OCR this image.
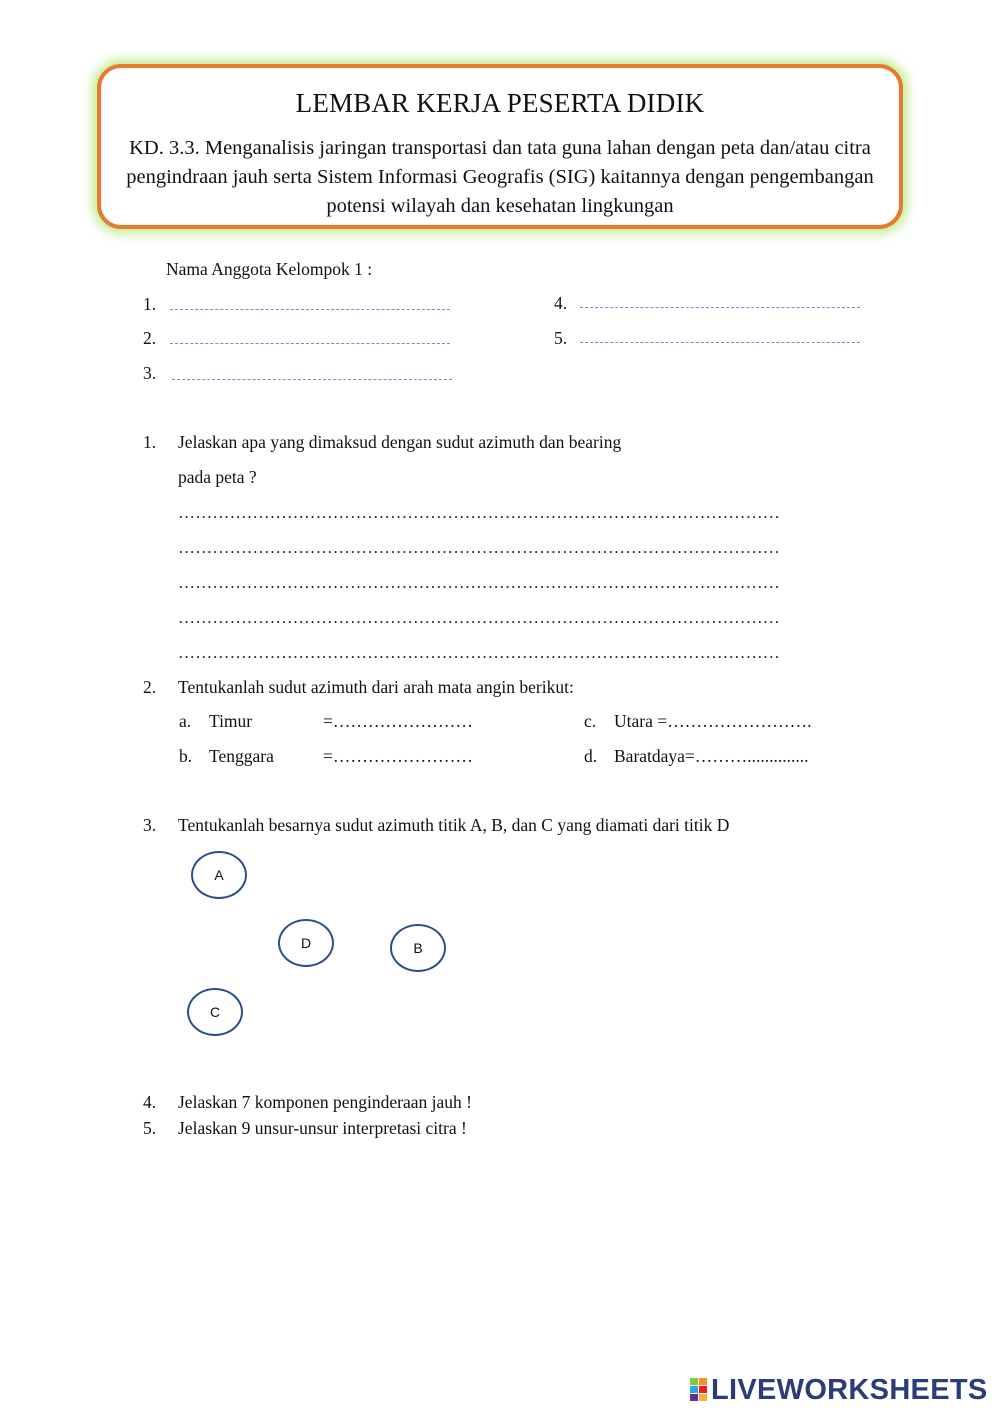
LEMBAR KERJA PESERTA DIDIK
KD. 3.3. Menganalisis jaringan transportasi dan tata guna lahan dengan peta dan/atau citra pengindraan jauh serta Sistem Informasi Geografis (SIG) kaitannya dengan pengembangan potensi wilayah dan kesehatan lingkungan
Nama Anggota Kelompok 1 :
1.
2.
3.
4.
5.
1. Jelaskan apa yang dimaksud dengan sudut azimuth dan bearing
pada peta ?
……………………………………………………………………………………………
……………………………………………………………………………………………
……………………………………………………………………………………………
……………………………………………………………………………………………
……………………………………………………………………………………………
2. Tentukanlah sudut azimuth dari arah mata angin berikut:
a. Timur	=……………………
b. Tenggara	=……………………
c. Utara =…………………….
d. Baratdaya=………..............
3. Tentukanlah besarnya sudut azimuth titik A, B, dan C yang diamati dari titik D
A
D	B
C
4. Jelaskan 7 komponen penginderaan jauh !
5. Jelaskan 9 unsur-unsur interpretasi citra !
LIVEWORKSHEETS
